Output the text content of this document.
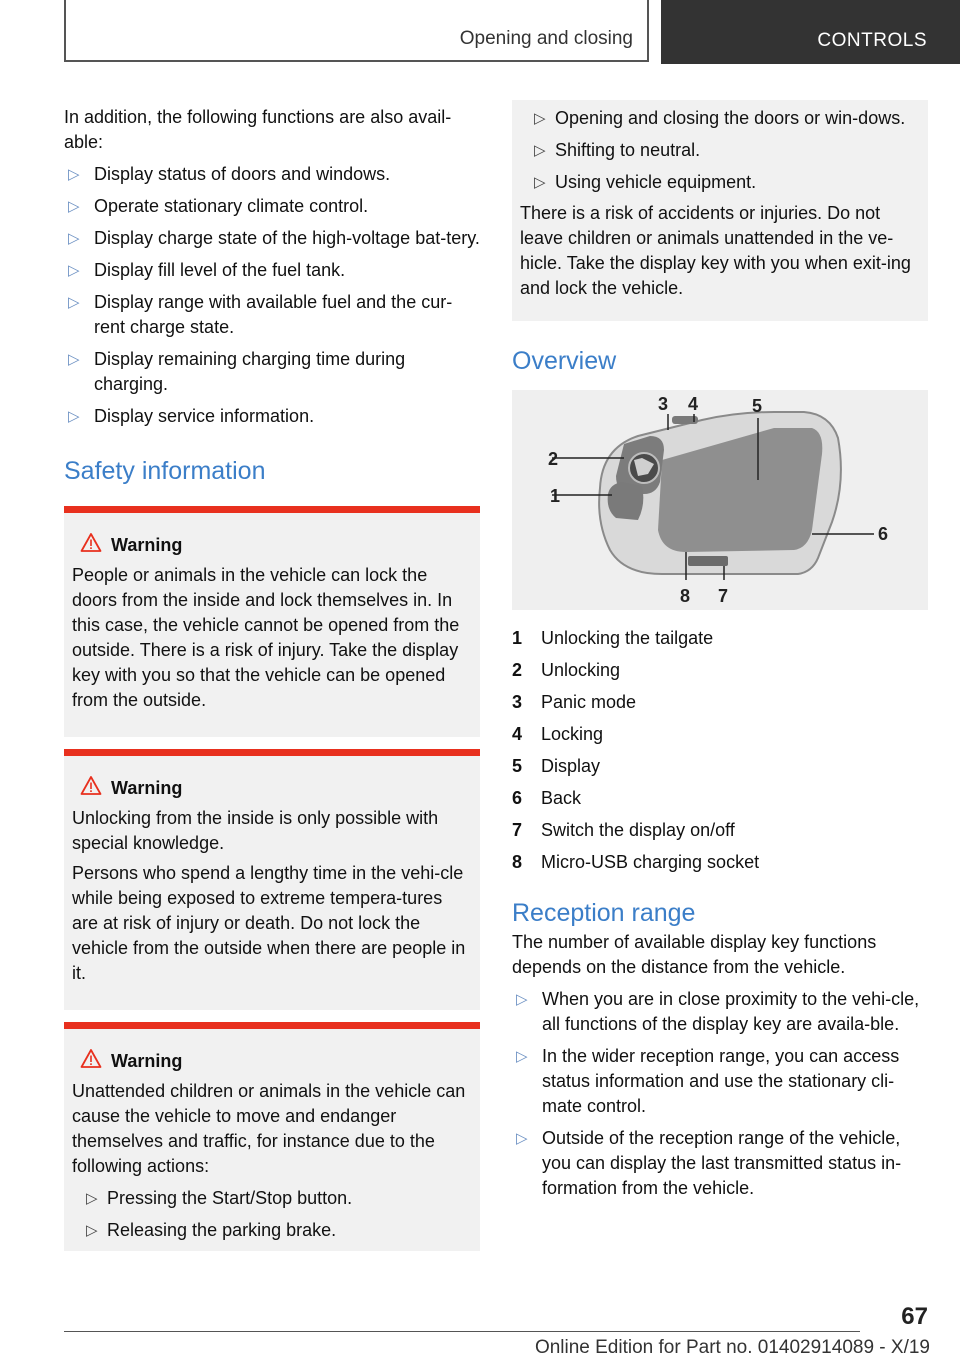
Opening and closing	CONTROLS

In addition, the following functions are also avail-able:

▷ Display status of doors and windows.
▷ Operate stationary climate control.
▷ Display charge state of the high-voltage bat-tery.
▷ Display fill level of the fuel tank.
▷ Display range with available fuel and the cur-rent charge state.
▷ Display remaining charging time during charging.
▷ Display service information.
Safety information
Warning

People or animals in the vehicle can lock the doors from the inside and lock themselves in. In this case, the vehicle cannot be opened from the outside. There is a risk of injury. Take the display key with you so that the vehicle can be opened from the outside.

Warning

Unlocking from the inside is only possible with special knowledge.

Persons who spend a lengthy time in the vehi-cle while being exposed to extreme tempera-tures are at risk of injury or death. Do not lock the vehicle from the outside when there are people in it.

Warning

Unattended children or animals in the vehicle can cause the vehicle to move and endanger themselves and traffic, for instance due to the following actions:

▷ Pressing the Start/Stop button.
▷ Releasing the parking brake.
▷ Opening and closing the doors or win-dows.
▷ Shifting to neutral.
▷ Using vehicle equipment.

There is a risk of accidents or injuries. Do not leave children or animals unattended in the ve-hicle. Take the display key with you when exit-ing and lock the vehicle.

Overview
1
2
3 4	5
6
7
8
1 Unlocking the tailgate
2 Unlocking
3 Panic mode
4 Locking
5 Display
6 Back
7 Switch the display on/off
8 Micro-USB charging socket
Reception range

The number of available display key functions depends on the distance from the vehicle.

▷ When you are in close proximity to the vehi-cle, all functions of the display key are availa-ble.
▷ In the wider reception range, you can access status information and use the stationary cli-mate control.
▷ Outside of the reception range of the vehicle, you can display the last transmitted status in-formation from the vehicle.
67
Online Edition for Part no. 01402914089 - X/19
